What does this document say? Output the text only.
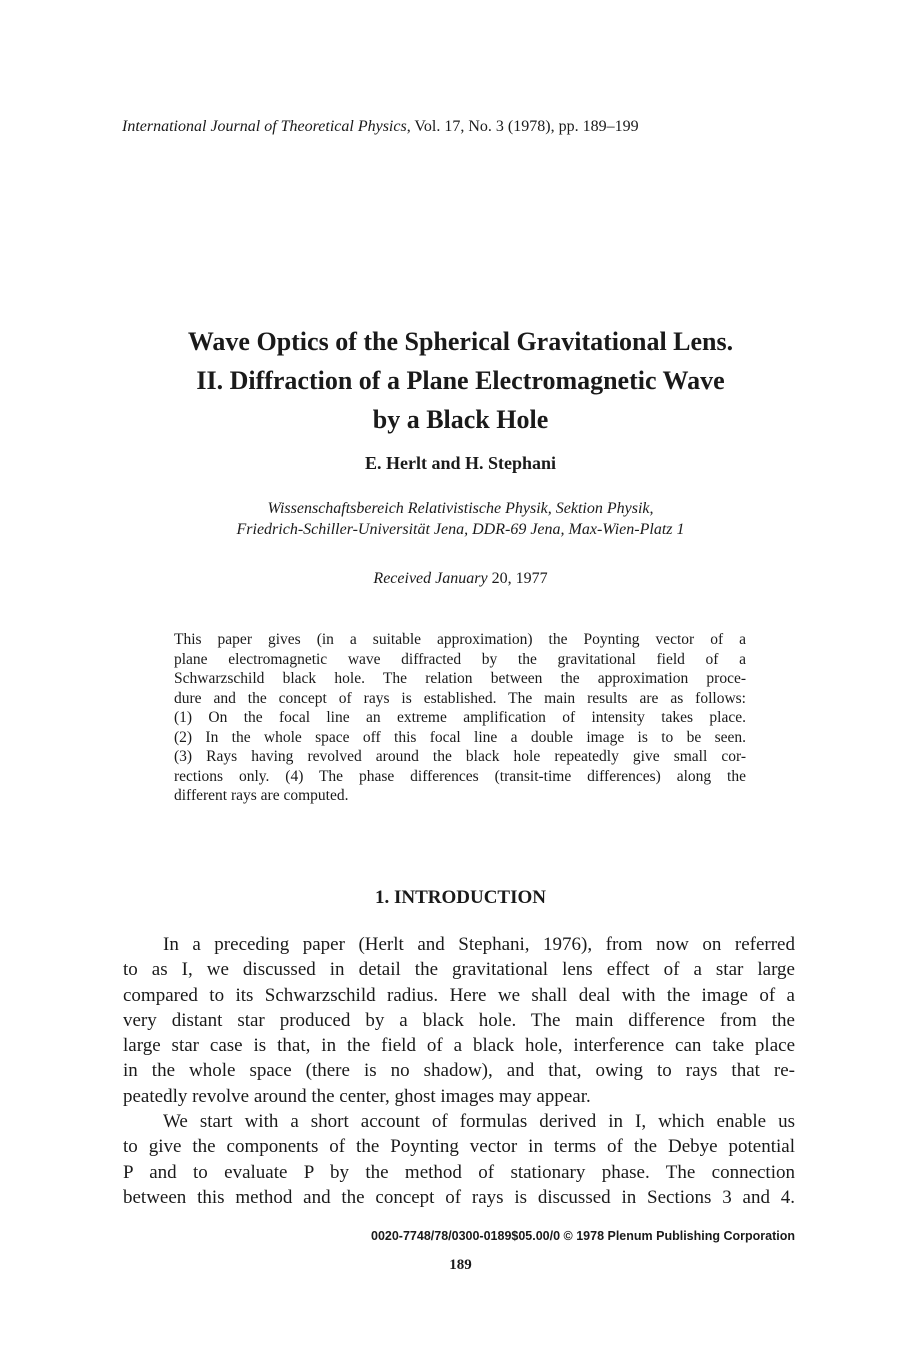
International Journal of Theoretical Physics, Vol. 17, No. 3 (1978), pp. 189–199
Wave Optics of the Spherical Gravitational Lens.
II. Diffraction of a Plane Electromagnetic Wave
by a Black Hole
E. Herlt and H. Stephani
Wissenschaftsbereich Relativistische Physik, Sektion Physik,
Friedrich-Schiller-Universität Jena, DDR-69 Jena, Max-Wien-Platz 1
Received January 20, 1977

This paper gives (in a suitable approximation) the Poynting vector of a
plane electromagnetic wave diffracted by the gravitational field of a
Schwarzschild black hole. The relation between the approximation proce-
dure and the concept of rays is established. The main results are as follows:
(1) On the focal line an extreme amplification of intensity takes place.
(2) In the whole space off this focal line a double image is to be seen.
(3) Rays having revolved around the black hole repeatedly give small cor-
rections only. (4) The phase differences (transit-time differences) along the
different rays are computed.

1. INTRODUCTION

In a preceding paper (Herlt and Stephani, 1976), from now on referred
to as I, we discussed in detail the gravitational lens effect of a star large
compared to its Schwarzschild radius. Here we shall deal with the image of a
very distant star produced by a black hole. The main difference from the
large star case is that, in the field of a black hole, interference can take place
in the whole space (there is no shadow), and that, owing to rays that re-
peatedly revolve around the center, ghost images may appear.
We start with a short account of formulas derived in I, which enable us
to give the components of the Poynting vector in terms of the Debye potential
P and to evaluate P by the method of stationary phase. The connection
between this method and the concept of rays is discussed in Sections 3 and 4.

0020-7748/78/0300-0189$05.00/0 © 1978 Plenum Publishing Corporation
189
